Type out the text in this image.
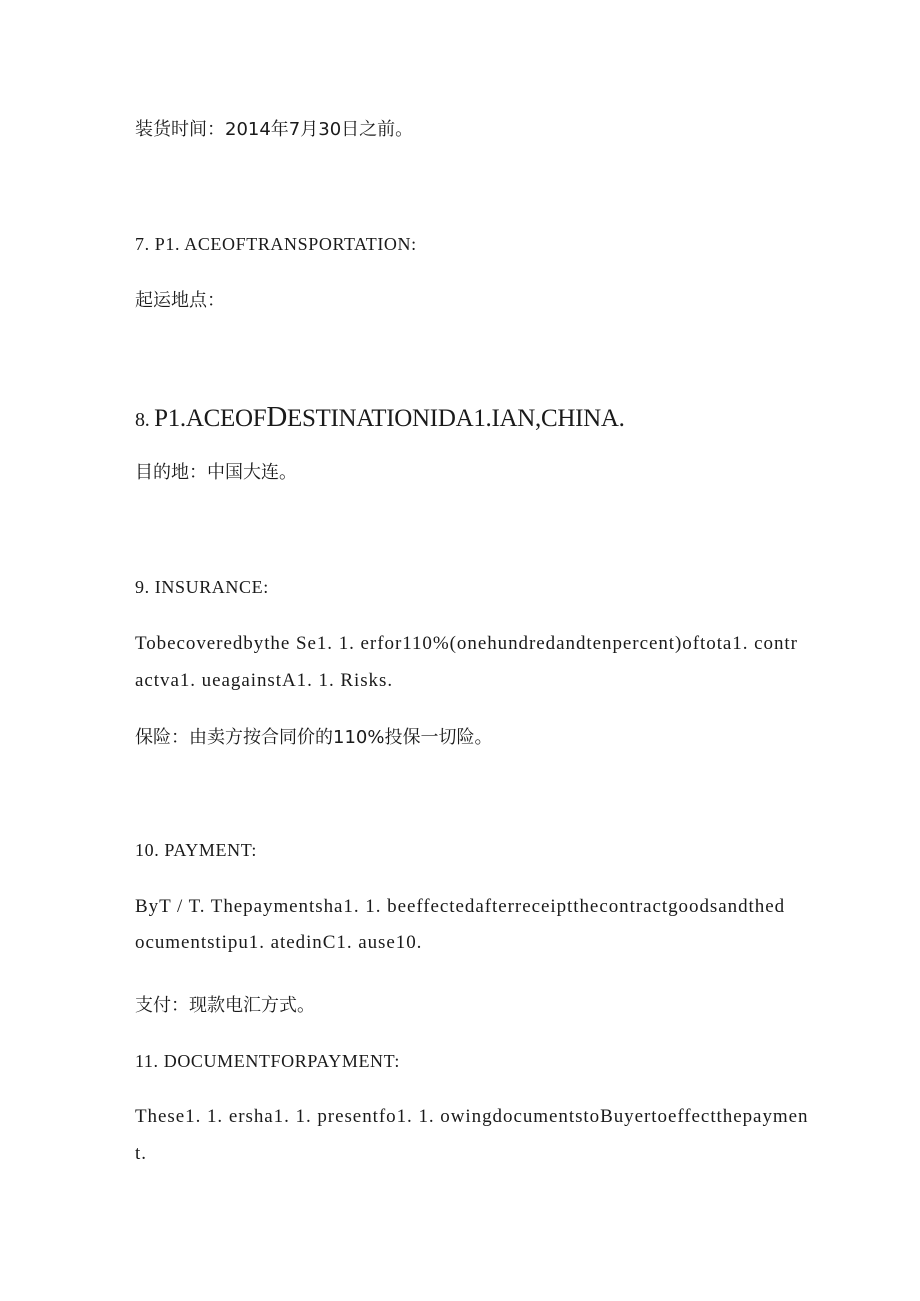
装货时间：2014年7月30日之前。
7. P1. ACEOFTRANSPORTATION:
起运地点：
8. P1.ACEOFDESTINATIONIDA1.IAN,CHINA.
目的地：中国大连。
9. INSURANCE:
Tobecoveredbythe Se1. 1. erfor110%(onehundredandtenpercent)oftota1. contr
actva1. ueagainstA1. 1. Risks.
保险：由卖方按合同价的110%投保一切险。
10. PAYMENT:
ByT / T. Thepaymentsha1. 1. beeffectedafterreceiptthecontractgoodsandthed
ocumentstipu1. atedinC1. ause10.
支付：现款电汇方式。
11. DOCUMENTFORPAYMENT:
These1. 1. ersha1. 1. presentfo1. 1. owingdocumentstoBuyertoeffectthepaymen
t.
